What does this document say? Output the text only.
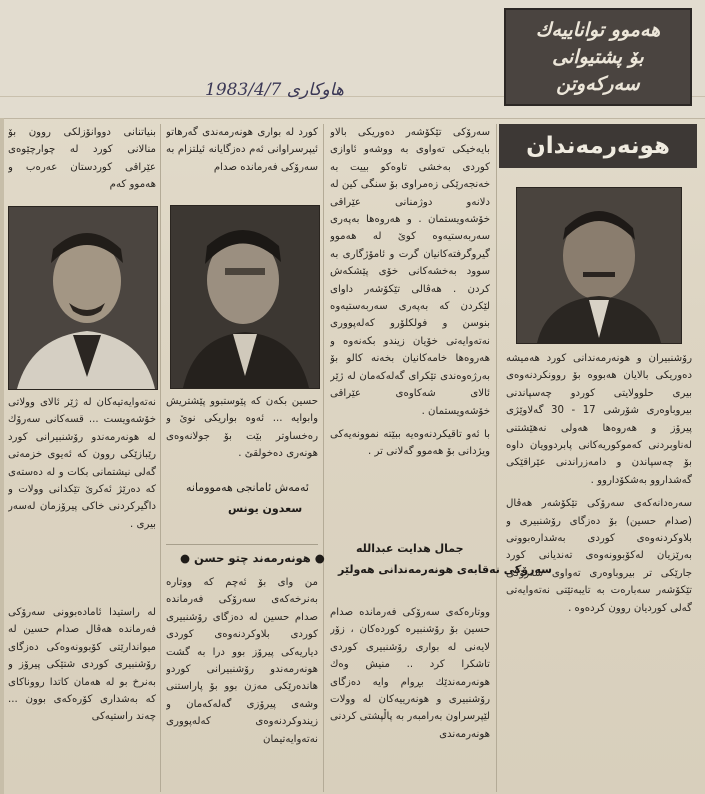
هەموو تواناییەك
بۆ پشتیوانی
سەركەوتن
1983/4/7 هاوکاری
هونەرمەندان

رۆشنبیران و هونەرمەندانی كورد هەمیشە دەوریكی بالایان هەبووە بۆ روونكردنەوەی بیری حلوولایتی كوردو چەسپاندنی بیروباوەری شۆرشی 17 - 30 گەلاوێژی پیرۆز و هەروەها هەولی نەهێشتنی لەناوبردنی كەموكوریەكانی پابردوویان داوە بۆ چەسپاندن و دامەزراندنی عێراقێكی گەشداروو بەشكۆداروو .

سەرەدانەكەی سەرۆكی تێكۆشەر هەڤال (صدام حسین) بۆ دەزگای رۆشنبیری و بلاوكردنەوەی كوردی بەشدارەبوونی بەرێزیان لەكۆبوونەوەی تەندیانی كورد جارێكی تر بیروباوەری تەواوی سەرۆكی تێكۆشەر سەبارەت بە تایبەتێتی نەتەوایەتی گەلی كوردیان روون كردەوە .

سەرۆكی تێكۆشەر دەوریكی بالاو بایەخیكی تەواوی بە ووشەو ئاوازی كوردی بەخشی تاوەكو بییت بە خەنجەرێكی زەمراوی بۆ سنگی كین لە دلانەو دوژمنانی عێراقی خۆشەویستمان . و هەروەها بەپەری سەربەستیەوە كوێ لە هەموو گیروگرفتەكانیان گرت و ئامۆژگاری بە سوود بەخشەكانی خۆی پێشكەش كردن . هەڤالی تێكۆشەر داوای لێكردن كە بەپەری سەربەستیەوە بنوسن و فولكلۆرو كەلەپووری نەتەوایەتی خۆیان زیندو بكەنەوە و هەروەها خامەكانیان بخەنە كالو بۆ بەرژەوەندی تێكرای گەلەكەمان لە ژێر ئالای شەكاوەی عێراقی خۆشەویستمان .

با ئەو تاقیكردنەوەیە ببێتە نموونەیەكی ویژدانی بۆ هەموو گەلانی تر .

جمال هدایت عبدالله
سەرۆكی نەقابەی هونەرمەندانی هەولێر

ووتارەكەی سەرۆكی فەرماندە صدام حسین بۆ رۆشنبیرە كوردەكان ، زۆر لایەنی لە بواری رۆشنبیری كوردی تاشكرا كرد .. منیش وەك هونەرمەندێك بڕوام وایە دەزگای رۆشنبیری و هونەرییەكان لە وولات لێپرسراون بەرامبەر بە پاڵپشتی كردنی هونەرمەندی

كورد لە بواری هونەرمەندی گەرهاتو ئیپرسراوانی ئەم دەزگایانە ئیلتزام بە سەرۆكی فەرماندە صدام

حسین بكەن كە پێوستبوو پێشتریش وابوایە ... ئەوە بواریكی نوێ و رەخساوتر بێت بۆ جولانەوەی هونەری دەخولقێ .

ئەمەش ئامانجی هەموومانە
سعدون یونس
● هونەرمەند چتو حسن ●

من وای بۆ ئەچم كە ووتارە بەنرخەكەی سەرۆكی فەرماندە صدام حسین لە دەزگای رۆشنبیری كوردی بلاوكردنەوەی كوردی دیاریەكی پیرۆز بوو درا بە گشت هونەرمەندو رۆشنبیرانی كوردو هاندەرێكی مەزن بوو بۆ پاراستنی وشەی پیرۆزی گەلەكەمان و زیندوكردنەوەی كەلەپووری نەتەوایەتیمان

بنیاتنانی دووانۆزلكی روون بۆ منالانی كورد لە چوارچێوەی عێراقی كوردستان عەرەب و هەموو كەم

نەتەوایەتیەكان لە ژێر ئالای وولاتی خۆشەویست ... قسەكانی سەرۆك لە هونەرمەندو رۆشنبیرانی كورد رێبازێكی روون كە ئەیوی خزمەتی گەلی نیشتمانی بكات و لە دەستەی كە دەرێژ ئەكرێ تێكدانی وولات و داگیركردنی خاكی پیرۆزمان لەسەر بیری .

لە راستیدا ئامادەبوونی سەرۆكی فەرماندە هەڤال صدام حسین لە میواندارێتی كۆبوونەوەكی دەزگای رۆشنبیری كوردی شتێكی پیرۆز و بەنرخ بو لە هەمان كاتدا رووناكای كە بەشداری كۆرەكەی بوون ... چەند راستیەكی
